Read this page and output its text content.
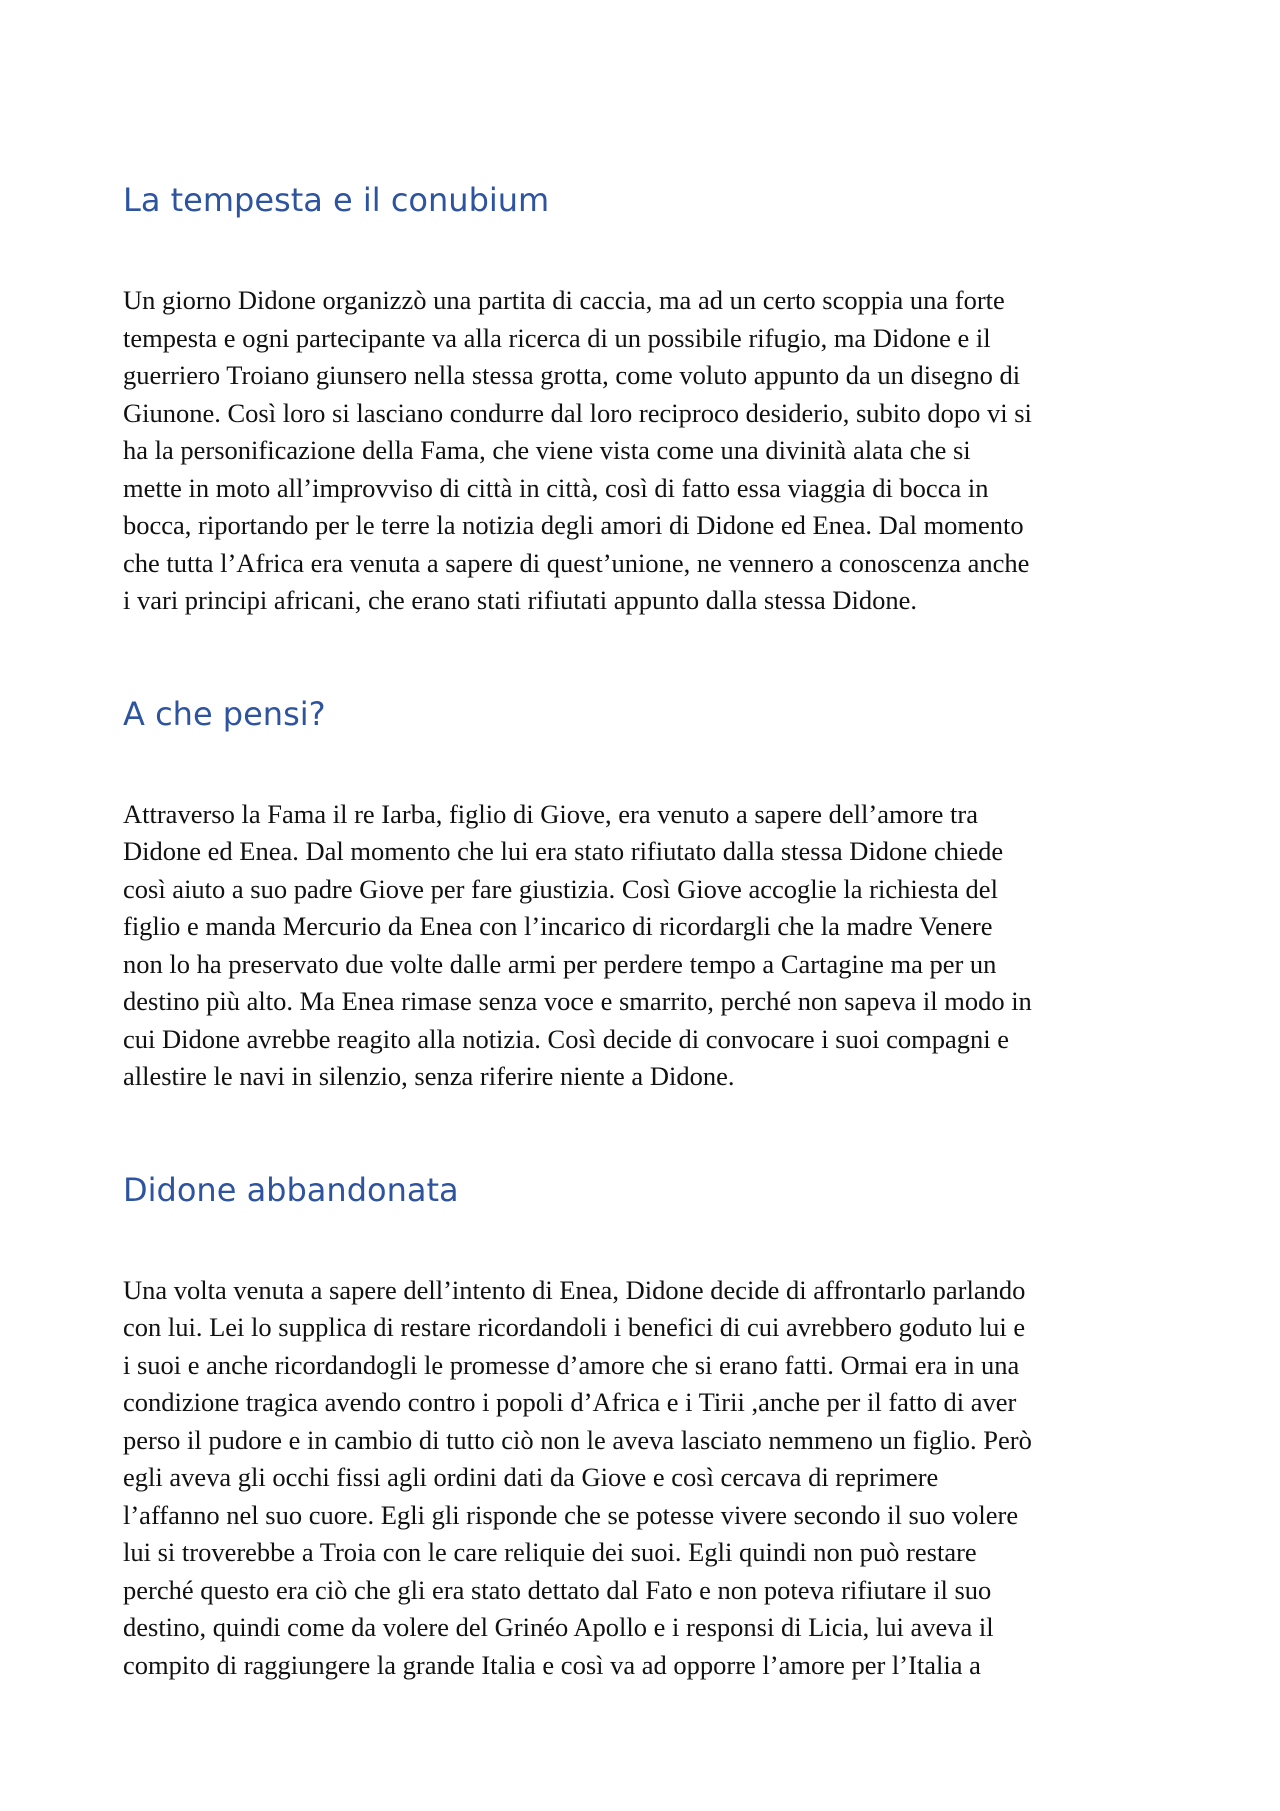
La tempesta e il conubium

Un giorno Didone organizzò una partita di caccia, ma ad un certo scoppia una forte
tempesta e ogni partecipante va alla ricerca di un possibile rifugio, ma Didone e il
guerriero Troiano giunsero nella stessa grotta, come voluto appunto da un disegno di
Giunone. Così loro si lasciano condurre dal loro reciproco desiderio, subito dopo vi si
ha la personificazione della Fama, che viene vista come una divinità alata che si
mette in moto all’improvviso di città in città, così di fatto essa viaggia di bocca in
bocca, riportando per le terre la notizia degli amori di Didone ed Enea. Dal momento
che tutta l’Africa era venuta a sapere di quest’unione, ne vennero a conoscenza anche
i vari principi africani, che erano stati rifiutati appunto dalla stessa Didone.

A che pensi?

Attraverso la Fama il re Iarba, figlio di Giove, era venuto a sapere dell’amore tra
Didone ed Enea. Dal momento che lui era stato rifiutato dalla stessa Didone chiede
così aiuto a suo padre Giove per fare giustizia. Così Giove accoglie la richiesta del
figlio e manda Mercurio da Enea con l’incarico di ricordargli che la madre Venere
non lo ha preservato due volte dalle armi per perdere tempo a Cartagine ma per un
destino più alto. Ma Enea rimase senza voce e smarrito, perché non sapeva il modo in
cui Didone avrebbe reagito alla notizia. Così decide di convocare i suoi compagni e
allestire le navi in silenzio, senza riferire niente a Didone.

Didone abbandonata

Una volta venuta a sapere dell’intento di Enea, Didone decide di affrontarlo parlando
con lui. Lei lo supplica di restare ricordandoli i benefici di cui avrebbero goduto lui e
i suoi e anche ricordandogli le promesse d’amore che si erano fatti. Ormai era in una
condizione tragica avendo contro i popoli d’Africa e i Tirii ,anche per il fatto di aver
perso il pudore e in cambio di tutto ciò non le aveva lasciato nemmeno un figlio. Però
egli aveva gli occhi fissi agli ordini dati da Giove e così cercava di reprimere
l’affanno nel suo cuore. Egli gli risponde che se potesse vivere secondo il suo volere
lui si troverebbe a Troia con le care reliquie dei suoi. Egli quindi non può restare
perché questo era ciò che gli era stato dettato dal Fato e non poteva rifiutare il suo
destino, quindi come da volere del Grinéo Apollo e i responsi di Licia, lui aveva il
compito di raggiungere la grande Italia e così va ad opporre l’amore per l’Italia a
